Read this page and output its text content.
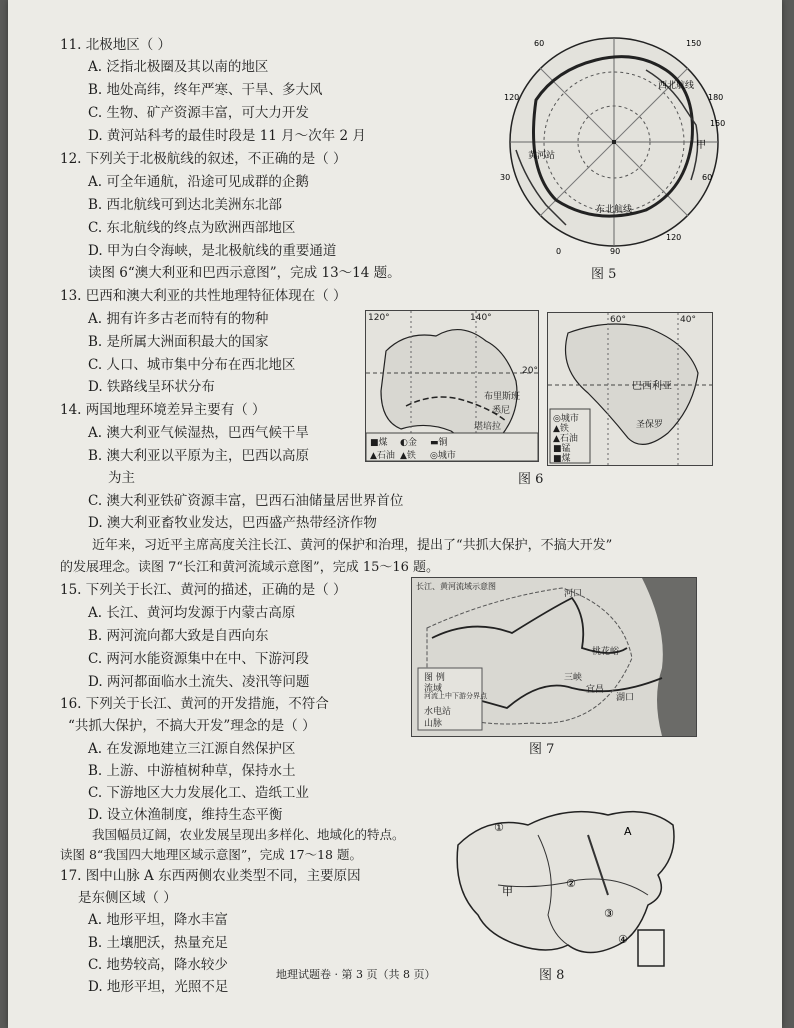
11. 北极地区（ ）
A. 泛指北极圈及其以南的地区
B. 地处高纬，终年严寒、干旱、多大风
C. 生物、矿产资源丰富，可大力开发
D. 黄河站科考的最佳时段是 11 月～次年 2 月
12. 下列关于北极航线的叙述，不正确的是（ ）
A. 可全年通航，沿途可见成群的企鹅
B. 西北航线可到达北美洲东北部
C. 东北航线的终点为欧洲西部地区
D. 甲为白令海峡，是北极航线的重要通道
读图 6“澳大利亚和巴西示意图”，完成 13～14 题。
13. 巴西和澳大利亚的共性地理特征体现在（ ）
A. 拥有许多古老而特有的物种
B. 是所属大洲面积最大的国家
C. 人口、城市集中分布在西北地区
D. 铁路线呈环状分布
14. 两国地理环境差异主要有（ ）
A. 澳大利亚气候湿热，巴西气候干旱
B. 澳大利亚以平原为主，巴西以高原
为主
C. 澳大利亚铁矿资源丰富，巴西石油储量居世界首位
D. 澳大利亚畜牧业发达，巴西盛产热带经济作物
近年来，习近平主席高度关注长江、黄河的保护和治理，提出了“共抓大保护，不搞大开发”
的发展理念。读图 7“长江和黄河流域示意图”，完成 15～16 题。
15. 下列关于长江、黄河的描述，正确的是（ ）
A. 长江、黄河均发源于内蒙古高原
B. 两河流向都大致是自西向东
C. 两河水能资源集中在中、下游河段
D. 两河都面临水土流失、凌汛等问题
16. 下列关于长江、黄河的开发措施，不符合
“共抓大保护，不搞大开发”理念的是（ ）
A. 在发源地建立三江源自然保护区
B. 上游、中游植树种草，保持水土
C. 下游地区大力发展化工、造纸工业
D. 设立休渔制度，维持生态平衡
我国幅员辽阔，农业发展呈现出多样化、地域化的特点。
读图 8“我国四大地理区域示意图”，完成 17～18 题。
17. 图中山脉 A 东西两侧农业类型不同，主要原因
是东侧区域（ ）
A. 地形平坦，降水丰富
B. 土壤肥沃，热量充足
C. 地势较高，降水较少
D. 地形平坦，光照不足
西北航线
黄河站
东北航线
甲
60	150
180
120
30
0	90
60
120
150
图 5
120°	140°
20°
布里斯班
悉尼
堪培拉
■煤 ◐金 ▬铜
▲石油 ▲铁 ◎城市
60°	40°
巴西利亚
圣保罗
◎城市
▲铁
▲石油
■锰
■煤
图 6
长江、黄河流域示意图
图 例
流域
河流上中下游分界点
水电站
山脉
河口
三峡
宜昌
桃花峪
湖口
图 7
①
②
③
④
A
甲
图 8
地理试题卷 · 第 3 页（共 8 页）
